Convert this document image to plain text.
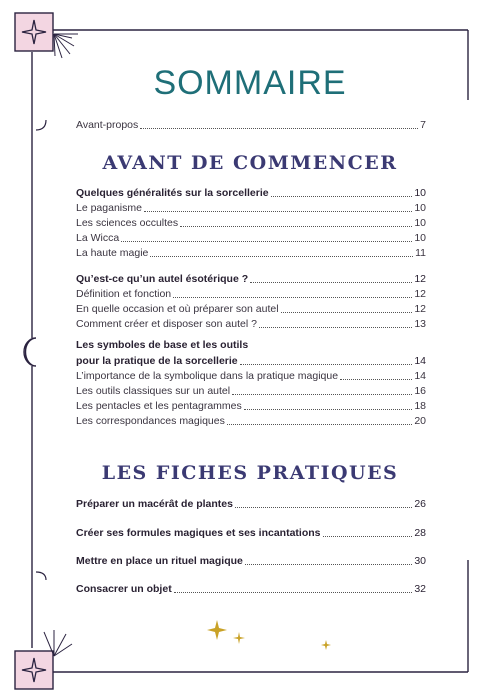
SOMMAIRE
Avant-propos	7
AVANT DE COMMENCER
Quelques généralités sur la sorcellerie	10
Le paganisme	10
Les sciences occultes	10
La Wicca	10
La haute magie	11
Qu’est-ce qu’un autel ésotérique ?	12
Définition et fonction	12
En quelle occasion et où préparer son autel	12
Comment créer et disposer son autel ?	13
Les symboles de base et les outils
pour la pratique de la sorcellerie	14
L’importance de la symbolique dans la pratique magique	14
Les outils classiques sur un autel	16
Les pentacles et les pentagrammes	18
Les correspondances magiques	20
LES FICHES PRATIQUES
Préparer un macérât de plantes	26
Créer ses formules magiques et ses incantations	28
Mettre en place un rituel magique	30
Consacrer un objet	32
